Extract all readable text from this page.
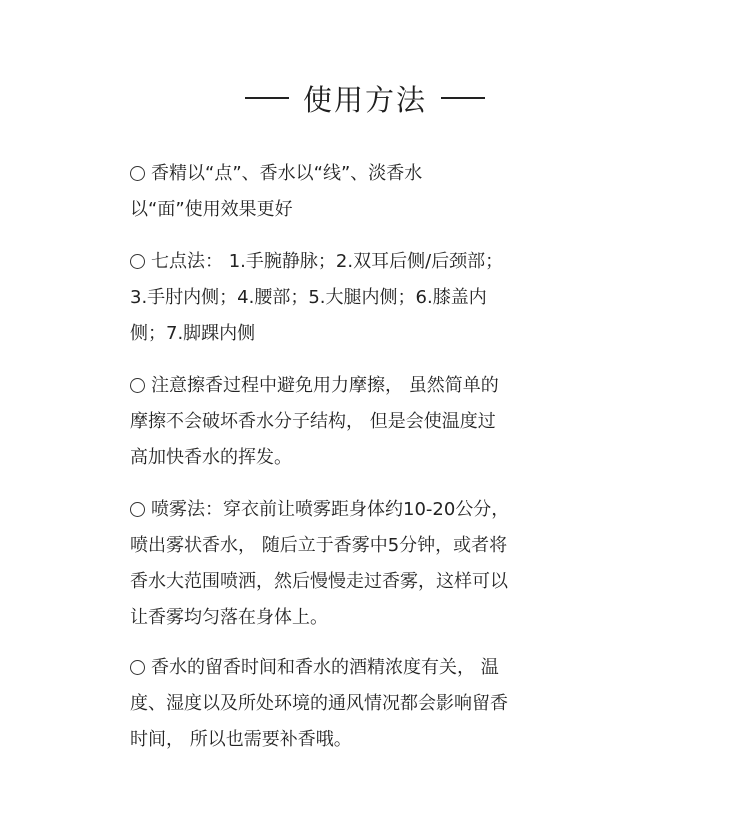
使用方法
香精以“点”、香水以“线”、淡香水
以“面”使用效果更好
七点法： 1.手腕静脉；2.双耳后侧/后颈部；
3.手肘内侧；4.腰部；5.大腿内侧；6.膝盖内
侧；7.脚踝内侧
注意擦香过程中避免用力摩擦， 虽然简单的
摩擦不会破坏香水分子结构， 但是会使温度过
高加快香水的挥发。
喷雾法：穿衣前让喷雾距身体约10-20公分，
喷出雾状香水， 随后立于香雾中5分钟，或者将
香水大范围喷洒，然后慢慢走过香雾，这样可以
让香雾均匀落在身体上。
香水的留香时间和香水的酒精浓度有关， 温
度、湿度以及所处环境的通风情况都会影响留香
时间， 所以也需要补香哦。
